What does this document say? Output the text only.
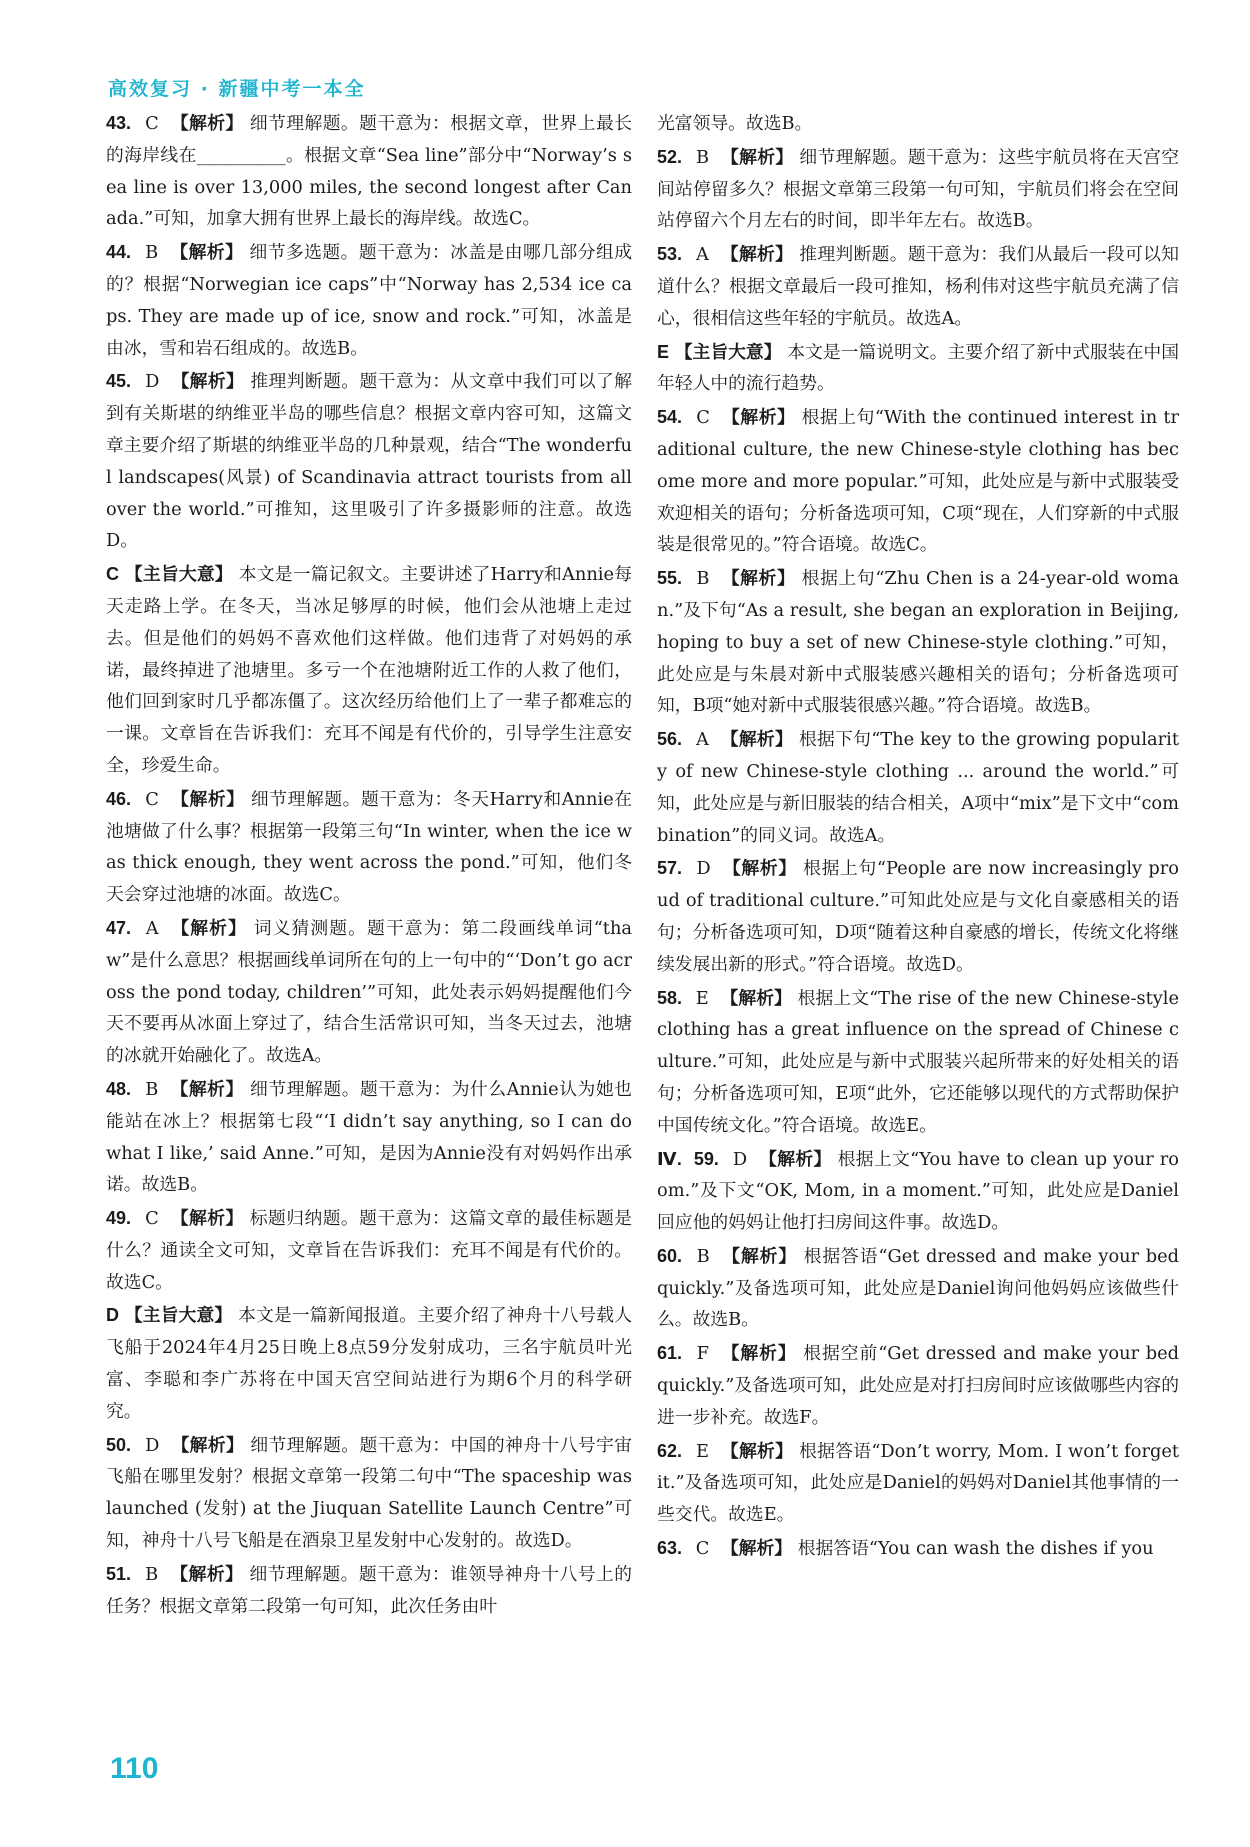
高效复习 · 新疆中考一本全

43. C 【解析】 细节理解题。题干意为：根据文章，世界上最长的海岸线在__________。根据文章“Sea line”部分中“Norway’s sea line is over 13,000 miles, the second longest after Canada.”可知，加拿大拥有世界上最长的海岸线。故选C。

44. B 【解析】 细节多选题。题干意为：冰盖是由哪几部分组成的？根据“Norwegian ice caps”中“Norway has 2,534 ice caps. They are made up of ice, snow and rock.”可知，冰盖是由冰，雪和岩石组成的。故选B。

45. D 【解析】 推理判断题。题干意为：从文章中我们可以了解到有关斯堪的纳维亚半岛的哪些信息？根据文章内容可知，这篇文章主要介绍了斯堪的纳维亚半岛的几种景观，结合“The wonderful landscapes(风景) of Scandinavia attract tourists from all over the world.”可推知，这里吸引了许多摄影师的注意。故选D。

C 【主旨大意】 本文是一篇记叙文。主要讲述了Harry和Annie每天走路上学。在冬天，当冰足够厚的时候，他们会从池塘上走过去。但是他们的妈妈不喜欢他们这样做。他们违背了对妈妈的承诺，最终掉进了池塘里。多亏一个在池塘附近工作的人救了他们，他们回到家时几乎都冻僵了。这次经历给他们上了一辈子都难忘的一课。文章旨在告诉我们：充耳不闻是有代价的，引导学生注意安全，珍爱生命。

46. C 【解析】 细节理解题。题干意为：冬天Harry和Annie在池塘做了什么事？根据第一段第三句“In winter, when the ice was thick enough, they went across the pond.”可知，他们冬天会穿过池塘的冰面。故选C。

47. A 【解析】 词义猜测题。题干意为：第二段画线单词“thaw”是什么意思？根据画线单词所在句的上一句中的“‘Don’t go across the pond today, children’”可知，此处表示妈妈提醒他们今天不要再从冰面上穿过了，结合生活常识可知，当冬天过去，池塘的冰就开始融化了。故选A。

48. B 【解析】 细节理解题。题干意为：为什么Annie认为她也能站在冰上？根据第七段“‘I didn’t say anything, so I can do what I like,’ said Anne.”可知，是因为Annie没有对妈妈作出承诺。故选B。

49. C 【解析】 标题归纳题。题干意为：这篇文章的最佳标题是什么？通读全文可知，文章旨在告诉我们：充耳不闻是有代价的。故选C。

D 【主旨大意】 本文是一篇新闻报道。主要介绍了神舟十八号载人飞船于2024年4月25日晚上8点59分发射成功，三名宇航员叶光富、李聪和李广苏将在中国天宫空间站进行为期6个月的科学研究。

50. D 【解析】 细节理解题。题干意为：中国的神舟十八号宇宙飞船在哪里发射？根据文章第一段第二句中“The spaceship was launched (发射) at the Jiuquan Satellite Launch Centre”可知，神舟十八号飞船是在酒泉卫星发射中心发射的。故选D。

51. B 【解析】 细节理解题。题干意为：谁领导神舟十八号上的任务？根据文章第二段第一句可知，此次任务由叶

光富领导。故选B。

52. B 【解析】 细节理解题。题干意为：这些宇航员将在天宫空间站停留多久？根据文章第三段第一句可知，宇航员们将会在空间站停留六个月左右的时间，即半年左右。故选B。

53. A 【解析】 推理判断题。题干意为：我们从最后一段可以知道什么？根据文章最后一段可推知，杨利伟对这些宇航员充满了信心，很相信这些年轻的宇航员。故选A。

E 【主旨大意】 本文是一篇说明文。主要介绍了新中式服装在中国年轻人中的流行趋势。

54. C 【解析】 根据上句“With the continued interest in traditional culture, the new Chinese-style clothing has become more and more popular.”可知，此处应是与新中式服装受欢迎相关的语句；分析备选项可知，C项“现在，人们穿新的中式服装是很常见的。”符合语境。故选C。

55. B 【解析】 根据上句“Zhu Chen is a 24-year-old woman.”及下句“As a result, she began an exploration in Beijing, hoping to buy a set of new Chinese-style clothing.”可知，此处应是与朱晨对新中式服装感兴趣相关的语句；分析备选项可知，B项“她对新中式服装很感兴趣。”符合语境。故选B。

56. A 【解析】 根据下句“The key to the growing popularity of new Chinese-style clothing ... around the world.”可知，此处应是与新旧服装的结合相关，A项中“mix”是下文中“combination”的同义词。故选A。

57. D 【解析】 根据上句“People are now increasingly proud of traditional culture.”可知此处应是与文化自豪感相关的语句；分析备选项可知，D项“随着这种自豪感的增长，传统文化将继续发展出新的形式。”符合语境。故选D。

58. E 【解析】 根据上文“The rise of the new Chinese-style clothing has a great influence on the spread of Chinese culture.”可知，此处应是与新中式服装兴起所带来的好处相关的语句；分析备选项可知，E项“此外，它还能够以现代的方式帮助保护中国传统文化。”符合语境。故选E。

Ⅳ. 59. D 【解析】 根据上文“You have to clean up your room.”及下文“OK, Mom, in a moment.”可知，此处应是Daniel回应他的妈妈让他打扫房间这件事。故选D。

60. B 【解析】 根据答语“Get dressed and make your bed quickly.”及备选项可知，此处应是Daniel询问他妈妈应该做些什么。故选B。

61. F 【解析】 根据空前“Get dressed and make your bed quickly.”及备选项可知，此处应是对打扫房间时应该做哪些内容的进一步补充。故选F。

62. E 【解析】 根据答语“Don’t worry, Mom. I won’t forget it.”及备选项可知，此处应是Daniel的妈妈对Daniel其他事情的一些交代。故选E。

63. C 【解析】 根据答语“You can wash the dishes if you

110
